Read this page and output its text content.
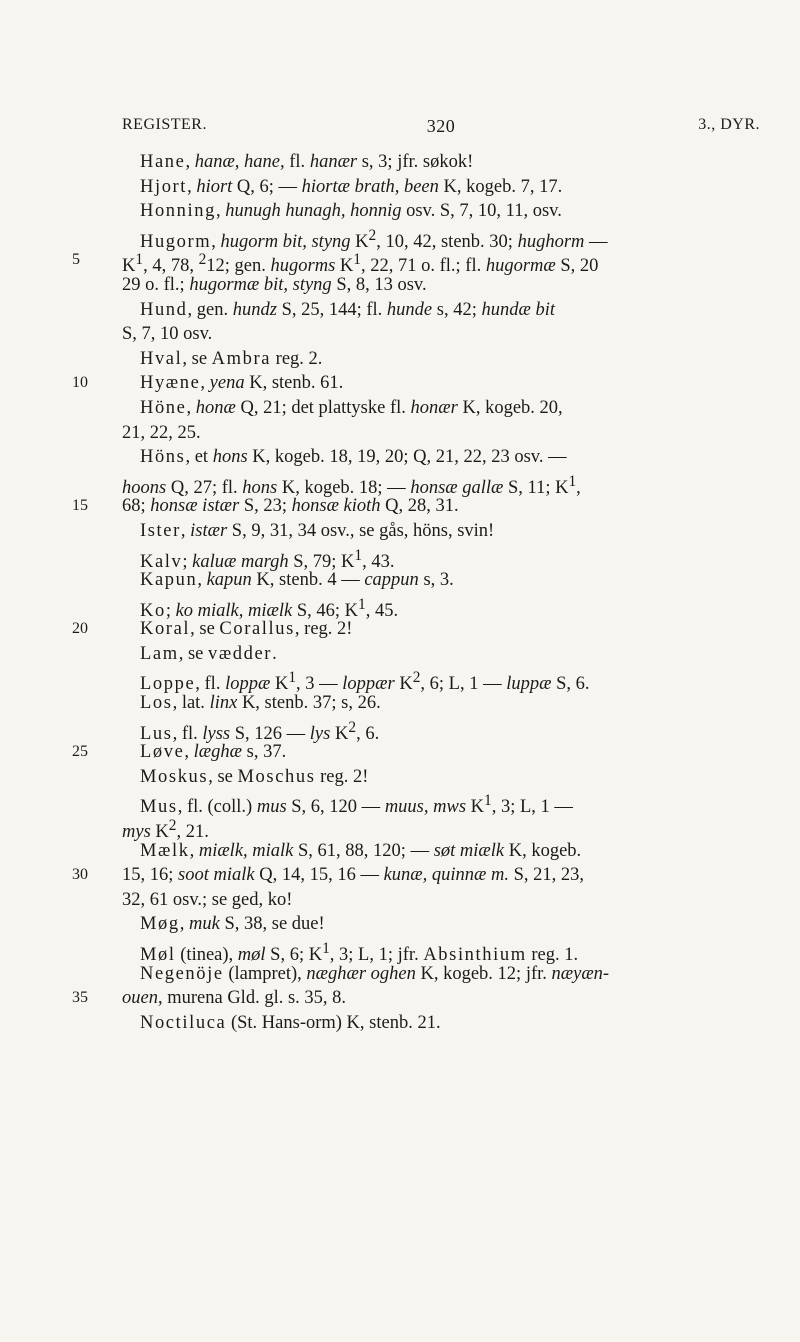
REGISTER.	320	3., DYR.
Hane, hanæ, hane, fl. hanær s, 3; jfr. søkok!
Hjort, hiort Q, 6; — hiortæ brath, been K, kogeb. 7, 17.
Honning, hunugh hunagh, honnig osv. S, 7, 10, 11, osv.
Hugorm, hugorm bit, styng $K^2$, 10, 42, stenb. 30; hughorm —
5	$K^1$, 4, 78, $^2$12; gen. hugorms $K^1$, 22, 71 o. fl.; fl. hugormæ S, 20
29 o. fl.; hugormæ bit, styng S, 8, 13 osv.
Hund, gen. hundz S, 25, 144; fl. hunde s, 42; hundæ bit
S, 7, 10 osv.
Hval, se Ambra reg. 2.
10	Hyæne, yena K, stenb. 61.
Höne, honæ Q, 21; det plattyske fl. honær K, kogeb. 20,
21, 22, 25.
Höns, et hons K, kogeb. 18, 19, 20; Q, 21, 22, 23 osv. —
hoons Q, 27; fl. hons K, kogeb. 18; — honsæ gallæ S, 11; $K^1$,
15	68; honsæ istær S, 23; honsæ kioth Q, 28, 31.
Ister, istær S, 9, 31, 34 osv., se gås, höns, svin!
Kalv; kaluæ margh S, 79; $K^1$, 43.
Kapun, kapun K, stenb. 4 — cappun s, 3.
Ko; ko mialk, miælk S, 46; $K^1$, 45.
20	Koral, se Corallus, reg. 2!
Lam, se vædder.
Loppe, fl. loppæ $K^1$, 3 — loppær $K^2$, 6; L, 1 — luppæ S, 6.
Los, lat. linx K, stenb. 37; s, 26.
Lus, fl. lyss S, 126 — lys $K^2$, 6.
25	Løve, læghæ s, 37.
Moskus, se Moschus reg. 2!
Mus, fl. (coll.) mus S, 6, 120 — muus, mws $K^1$, 3; L, 1 —
mys $K^2$, 21.
Mælk, miælk, mialk S, 61, 88, 120; — søt miælk K, kogeb.
30	15, 16; soot mialk Q, 14, 15, 16 — kunæ, quinnæ m. S, 21, 23,
32, 61 osv.; se ged, ko!
Møg, muk S, 38, se due!
Møl (tinea), møl S, 6; $K^1$, 3; L, 1; jfr. Absinthium reg. 1.
Negenöje (lampret), næghær oghen K, kogeb. 12; jfr. næyæn-
35	ouen, murena Gld. gl. s. 35, 8.
Noctiluca (St. Hans-orm) K, stenb. 21.
